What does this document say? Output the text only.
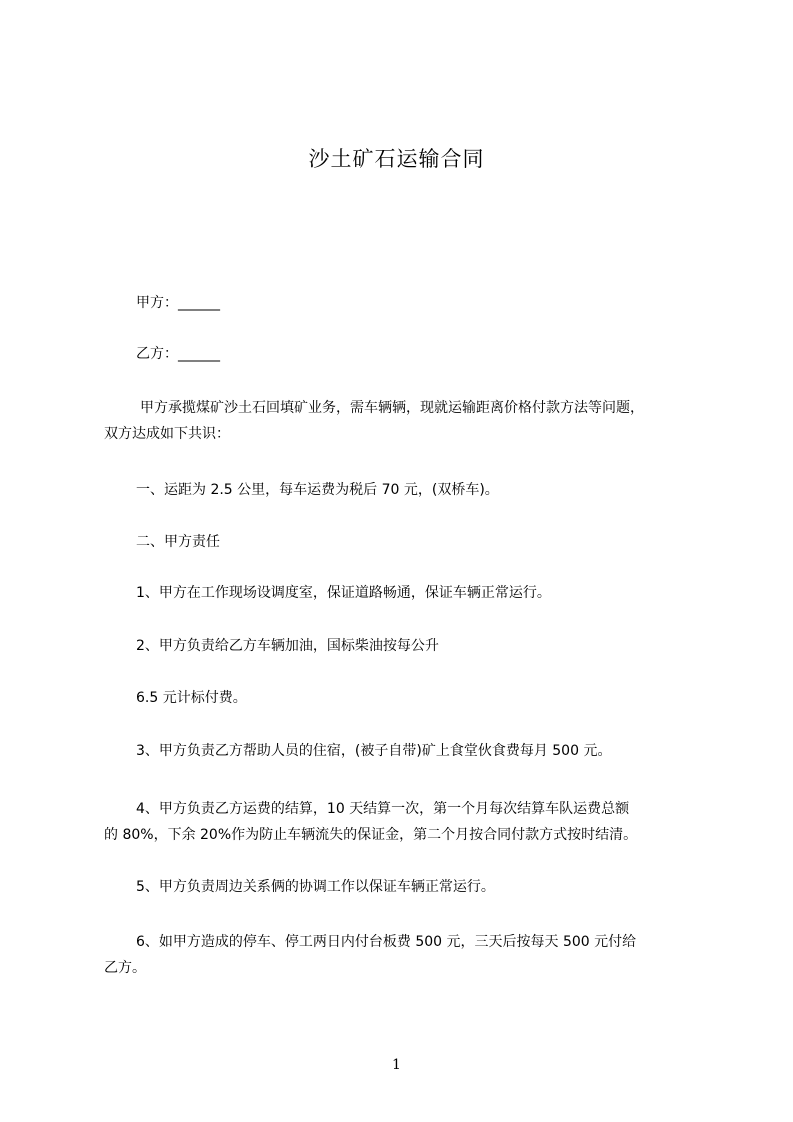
沙土矿石运输合同
甲方：______
乙方：______
甲方承揽煤矿沙土石回填矿业务，需车辆辆，现就运输距离价格付款方法等问题，
双方达成如下共识：
一、运距为 2.5 公里，每车运费为税后 70 元，(双桥车)。
二、甲方责任
1、甲方在工作现场设调度室，保证道路畅通，保证车辆正常运行。
2、甲方负责给乙方车辆加油，国标柴油按每公升
6.5 元计标付费。
3、甲方负责乙方帮助人员的住宿，(被子自带)矿上食堂伙食费每月 500 元。
4、甲方负责乙方运费的结算，10 天结算一次，第一个月每次结算车队运费总额
的 80%，下余 20%作为防止车辆流失的保证金，第二个月按合同付款方式按时结清。
5、甲方负责周边关系俩的协调工作以保证车辆正常运行。
6、如甲方造成的停车、停工两日内付台板费 500 元，三天后按每天 500 元付给
乙方。
1
